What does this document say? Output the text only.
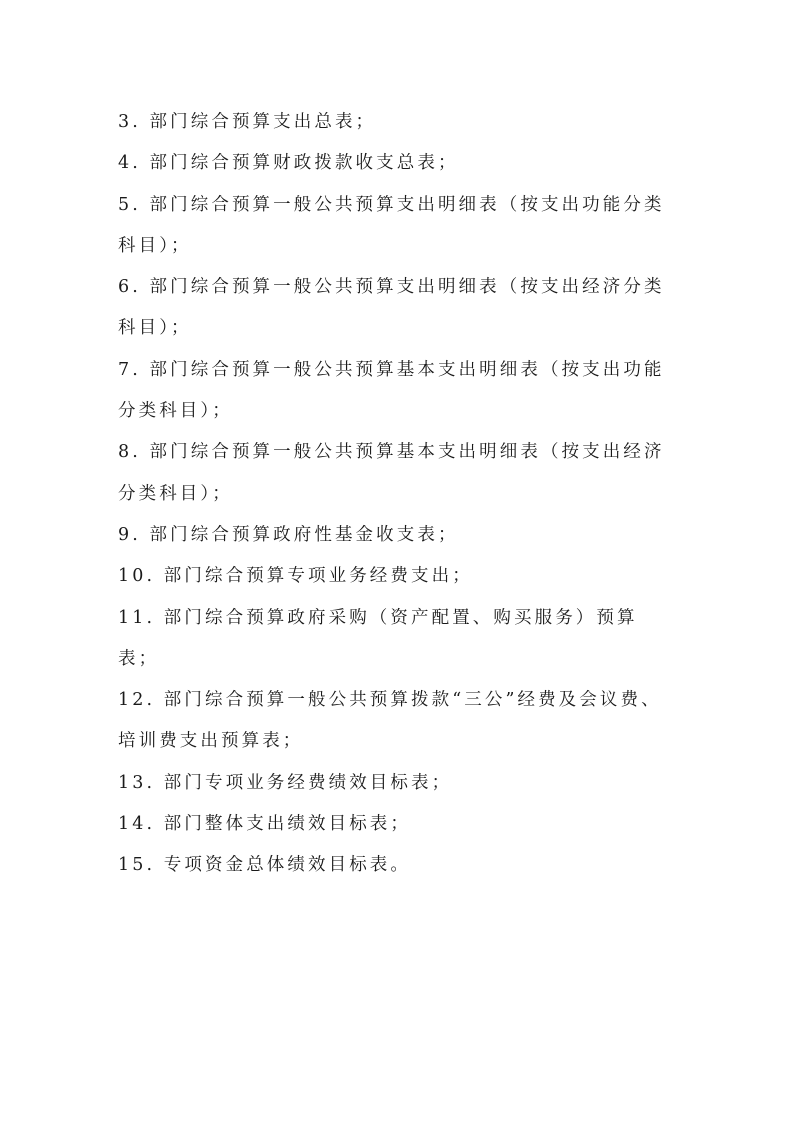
3. 部门综合预算支出总表；
4. 部门综合预算财政拨款收支总表；
5. 部门综合预算一般公共预算支出明细表（按支出功能分类
科目）；
6. 部门综合预算一般公共预算支出明细表（按支出经济分类
科目）；
7. 部门综合预算一般公共预算基本支出明细表（按支出功能
分类科目）；
8. 部门综合预算一般公共预算基本支出明细表（按支出经济
分类科目）；
9. 部门综合预算政府性基金收支表；
10. 部门综合预算专项业务经费支出；
11. 部门综合预算政府采购（资产配置、购买服务）预算表；
12. 部门综合预算一般公共预算拨款“三公”经费及会议费、
培训费支出预算表；
13. 部门专项业务经费绩效目标表；
14. 部门整体支出绩效目标表；
15. 专项资金总体绩效目标表。
